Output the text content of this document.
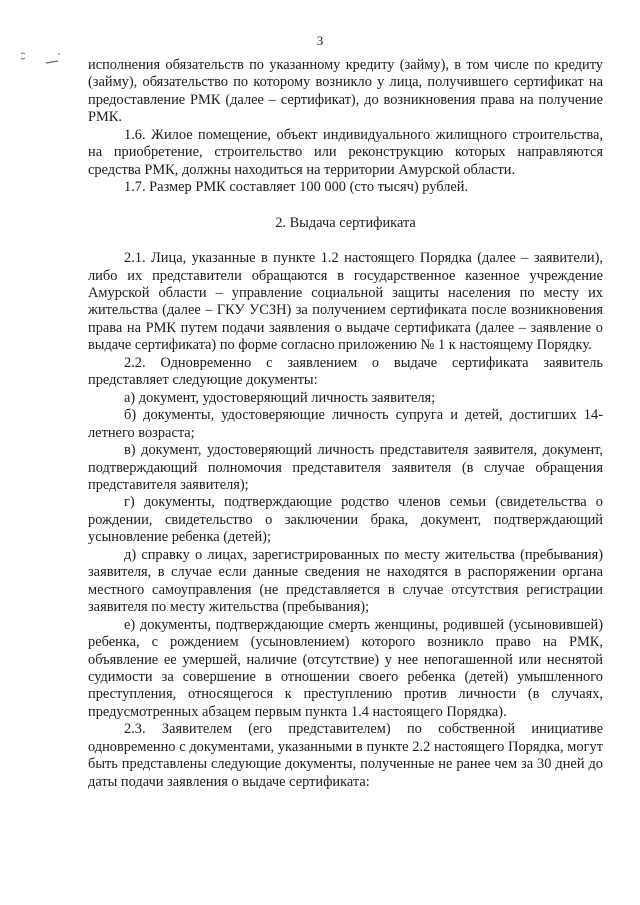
3

исполнения обязательств по указанному кредиту (займу), в том числе по кредиту (займу), обязательство по которому возникло у лица, получившего сертификат на предоставление РМК (далее – сертификат), до возникновения права на получение РМК.

1.6. Жилое помещение, объект индивидуального жилищного строительства, на приобретение, строительство или реконструкцию которых направляются средства РМК, должны находиться на территории Амурской области.

1.7. Размер РМК составляет 100 000 (сто тысяч) рублей.

2. Выдача сертификата

2.1. Лица, указанные в пункте 1.2 настоящего Порядка (далее – заявители), либо их представители обращаются в государственное казенное учреждение Амурской области – управление социальной защиты населения по месту их жительства (далее – ГКУ УСЗН) за получением сертификата после возникновения права на РМК путем подачи заявления о выдаче сертификата (далее – заявление о выдаче сертификата) по форме согласно приложению № 1 к настоящему Порядку.

2.2. Одновременно с заявлением о выдаче сертификата заявитель представляет следующие документы:

а) документ, удостоверяющий личность заявителя;

б) документы, удостоверяющие личность супруга и детей, достигших 14-летнего возраста;

в) документ, удостоверяющий личность представителя заявителя, документ, подтверждающий полномочия представителя заявителя (в случае обращения представителя заявителя);

г) документы, подтверждающие родство членов семьи (свидетельства о рождении, свидетельство о заключении брака, документ, подтверждающий усыновление ребенка (детей);

д) справку о лицах, зарегистрированных по месту жительства (пребывания) заявителя, в случае если данные сведения не находятся в распоряжении органа местного самоуправления (не представляется в случае отсутствия регистрации заявителя по месту жительства (пребывания);

е) документы, подтверждающие смерть женщины, родившей (усыновившей) ребенка, с рождением (усыновлением) которого возникло право на РМК, объявление ее умершей, наличие (отсутствие) у нее непогашенной или неснятой судимости за совершение в отношении своего ребенка (детей) умышленного преступления, относящегося к преступлению против личности (в случаях, предусмотренных абзацем первым пункта 1.4 настоящего Порядка).

2.3. Заявителем (его представителем) по собственной инициативе одновременно с документами, указанными в пункте 2.2 настоящего Порядка, могут быть представлены следующие документы, полученные не ранее чем за 30 дней до даты подачи заявления о выдаче сертификата:
